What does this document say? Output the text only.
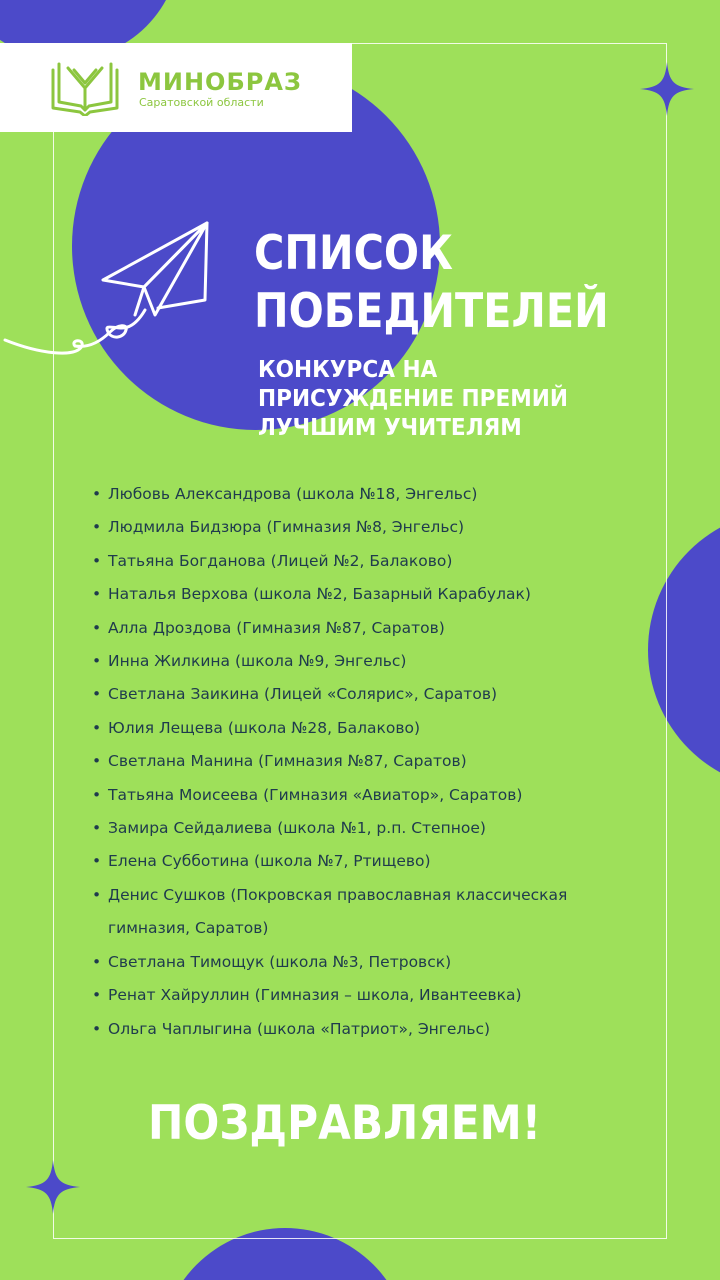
МИНОБРАЗ
Саратовской области
СПИСОК
ПОБЕДИТЕЛЕЙ
КОНКУРСА НА
ПРИСУЖДЕНИЕ ПРЕМИЙ
ЛУЧШИМ УЧИТЕЛЯМ
• Любовь Александрова (школа №18, Энгельс)
• Людмила Бидзюра (Гимназия №8, Энгельс)
• Татьяна Богданова (Лицей №2, Балаково)
• Наталья Верхова (школа №2, Базарный Карабулак)
• Алла Дроздова (Гимназия №87, Саратов)
• Инна Жилкина (школа №9, Энгельс)
• Светлана Заикина (Лицей «Солярис», Саратов)
• Юлия Лещева (школа №28, Балаково)
• Светлана Манина (Гимназия №87, Саратов)
• Татьяна Моисеева (Гимназия «Авиатор», Саратов)
• Замира Сейдалиева (школа №1, р.п. Степное)
• Елена Субботина (школа №7, Ртищево)
• Денис Сушков (Покровская православная классическая гимназия, Саратов)
• Светлана Тимощук (школа №3, Петровск)
• Ренат Хайруллин (Гимназия – школа, Ивантеевка)
• Ольга Чаплыгина (школа «Патриот», Энгельс)
ПОЗДРАВЛЯЕМ!
